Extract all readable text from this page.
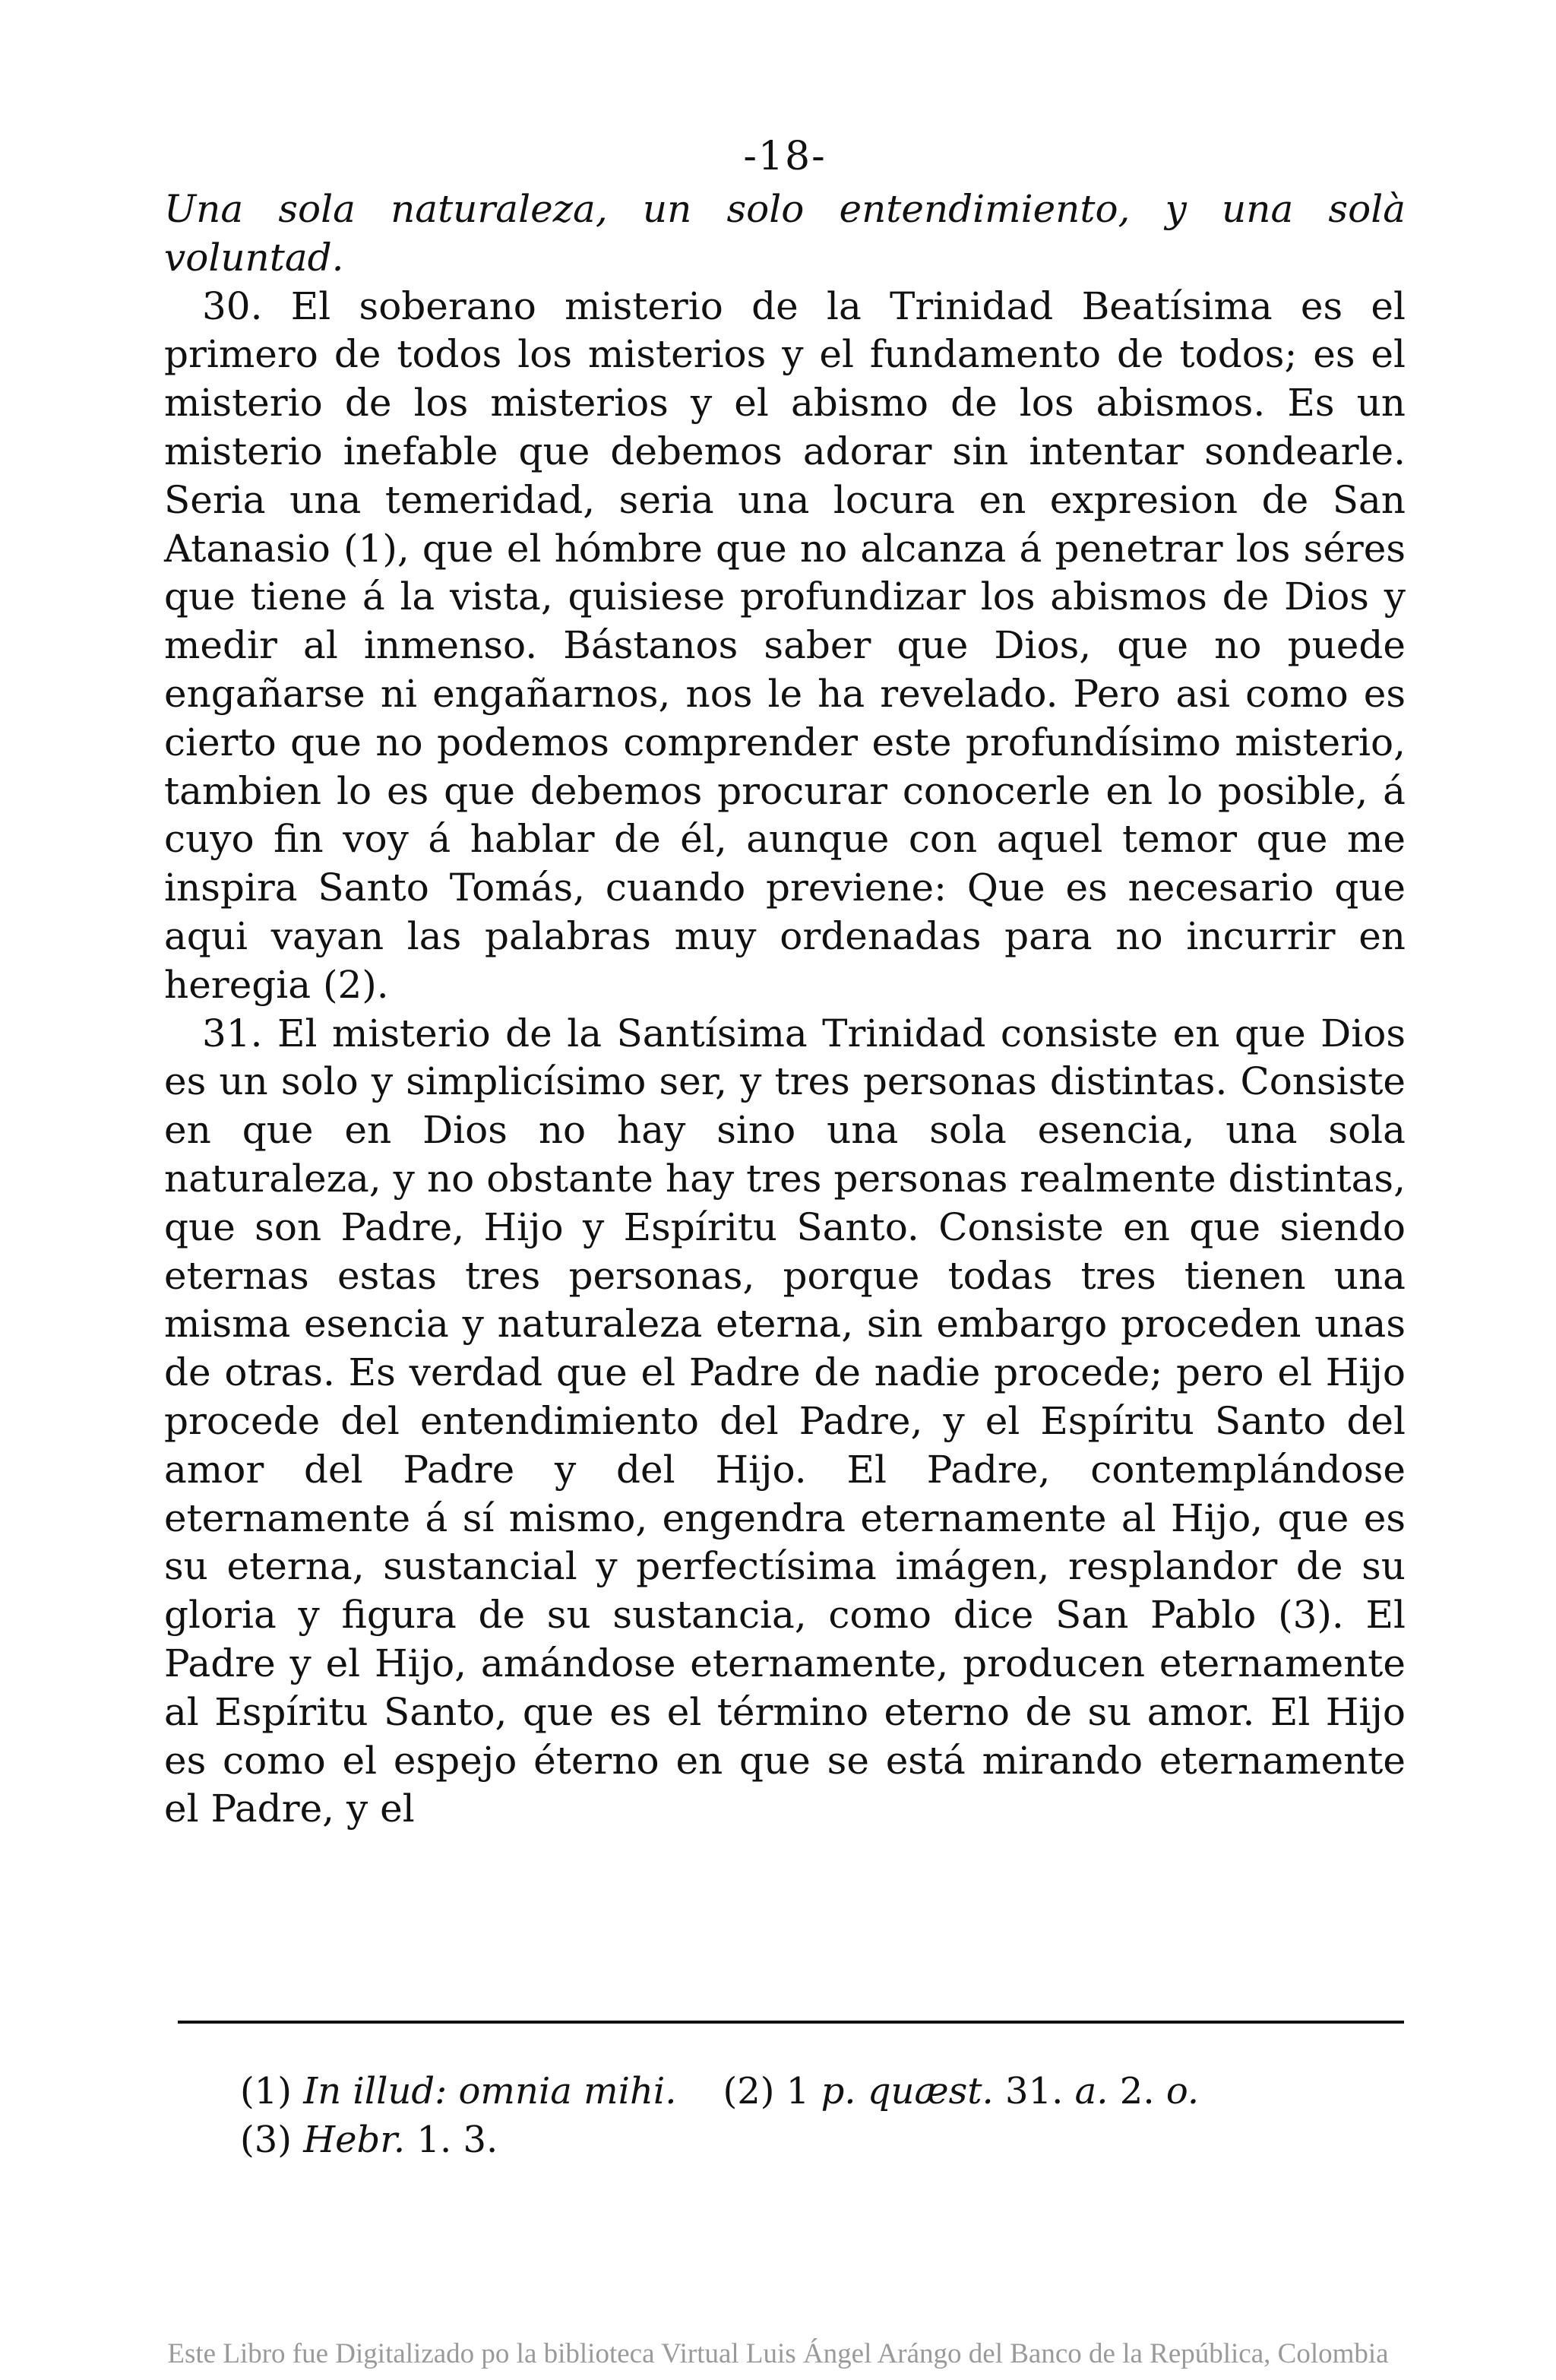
-18-

Una sola naturaleza, un solo entendimiento, y una solà voluntad.

30. El soberano misterio de la Trinidad Beatísima es el primero de todos los misterios y el fundamento de todos; es el misterio de los misterios y el abismo de los abismos. Es un misterio inefable que debemos adorar sin intentar sondearle. Seria una temeridad, seria una locura en expresion de San Atanasio (1), que el hómbre que no alcanza á penetrar los séres que tiene á la vista, quisiese profundizar los abismos de Dios y medir al inmenso. Bástanos saber que Dios, que no puede engañarse ni engañarnos, nos le ha revelado. Pero asi como es cierto que no podemos comprender este profundísimo misterio, tambien lo es que debemos procurar conocerle en lo posible, á cuyo fin voy á hablar de él, aunque con aquel temor que me inspira Santo Tomás, cuando previene: Que es necesario que aqui vayan las palabras muy ordenadas para no incurrir en heregia (2).

31. El misterio de la Santísima Trinidad consiste en que Dios es un solo y simplicísimo ser, y tres personas distintas. Consiste en que en Dios no hay sino una sola esencia, una sola naturaleza, y no obstante hay tres personas realmente distintas, que son Padre, Hijo y Espíritu Santo. Consiste en que siendo eternas estas tres personas, porque todas tres tienen una misma esencia y naturaleza eterna, sin embargo proceden unas de otras. Es verdad que el Padre de nadie procede; pero el Hijo procede del entendimiento del Padre, y el Espíritu Santo del amor del Padre y del Hijo. El Padre, contemplándose eternamente á sí mismo, engendra eternamente al Hijo, que es su eterna, sustancial y perfectísima imágen, resplandor de su gloria y figura de su sustancia, como dice San Pablo (3). El Padre y el Hijo, amándose eternamente, producen eternamente al Espíritu Santo, que es el término eterno de su amor. El Hijo es como el espejo éterno en que se está mirando eternamente el Padre, y el

(1) In illud: omnia mihi. (2) 1 p. quæst. 31. a. 2. o.
(3) Hebr. 1. 3.
Este Libro fue Digitalizado po la biblioteca Virtual Luis Ángel Arángo del Banco de la República, Colombia
